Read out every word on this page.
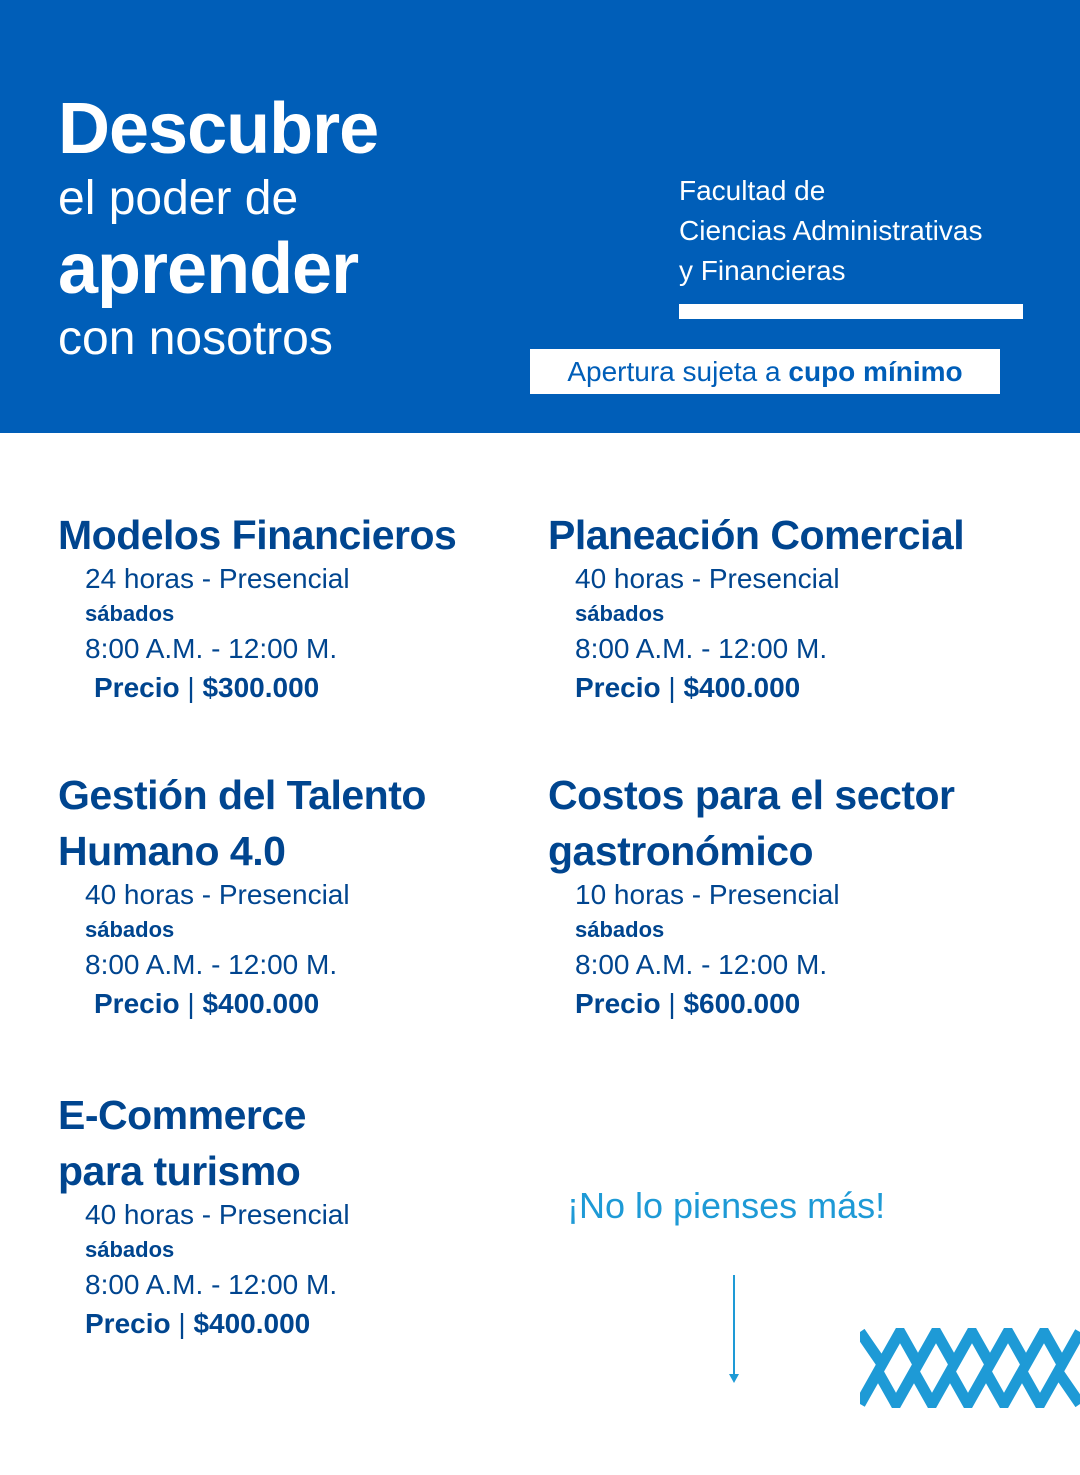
Descubre
el poder de
aprender
con nosotros
Facultad de
Ciencias Administrativas
y Financieras
Apertura sujeta a cupo mínimo
Modelos Financieros
24 horas - Presencial
sábados
8:00 A.M. - 12:00 M.
Precio | $300.000
Planeación Comercial
40 horas - Presencial
sábados
8:00 A.M. - 12:00 M.
Precio | $400.000
Gestión del Talento
Humano 4.0
40 horas - Presencial
sábados
8:00 A.M. - 12:00 M.
Precio | $400.000
Costos para el sector
gastronómico
10 horas - Presencial
sábados
8:00 A.M. - 12:00 M.
Precio | $600.000
E-Commerce
para turismo
40 horas - Presencial
sábados
8:00 A.M. - 12:00 M.
Precio | $400.000
¡No lo pienses más!
